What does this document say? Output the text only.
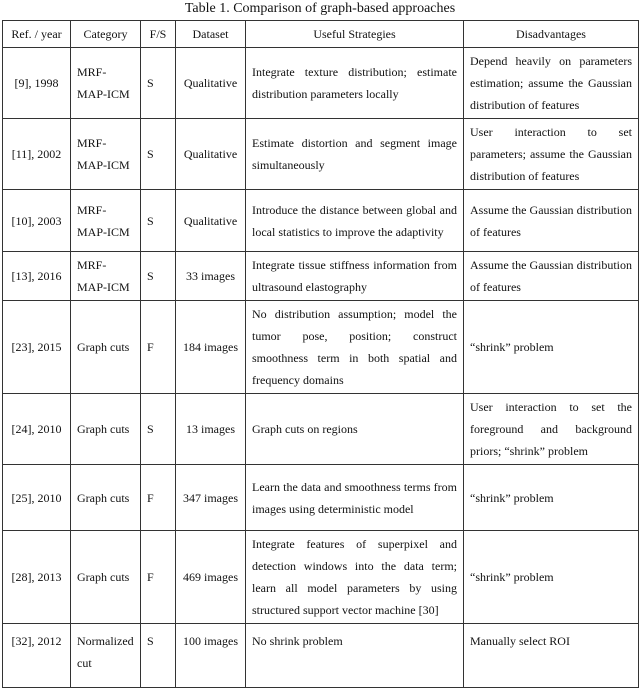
Table 1. Comparison of graph-based approaches
Ref. / year	Category	F/S	Dataset	Useful Strategies	Disadvantages
[9], 1998	MRF-MAP-ICM	S	Qualitative	Integrate texture distribution; estimate distribution parameters locally	Depend heavily on parameters estimation; assume the Gaussian distribution of features
[11], 2002	MRF-MAP-ICM	S	Qualitative	Estimate distortion and segment image simultaneously	User interaction to set parameters; assume the Gaussian distribution of features
[10], 2003	MRF-MAP-ICM	S	Qualitative	Introduce the distance between global and local statistics to improve the adaptivity	Assume the Gaussian distribution of features
[13], 2016	MRF-MAP-ICM	S	33 images	Integrate tissue stiffness information from ultrasound elastography	Assume the Gaussian distribution of features
[23], 2015	Graph cuts	F	184 images	No distribution assumption; model the tumor pose, position; construct smoothness term in both spatial and frequency domains	“shrink” problem
[24], 2010	Graph cuts	S	13 images	Graph cuts on regions	User interaction to set the foreground and background priors; “shrink” problem
[25], 2010	Graph cuts	F	347 images	Learn the data and smoothness terms from images using deterministic model	“shrink” problem
[28], 2013	Graph cuts	F	469 images	Integrate features of superpixel and detection windows into the data term; learn all model parameters by using structured support vector machine [30]	“shrink” problem
[32], 2012	Normalized cut	S	100 images	No shrink problem	Manually select ROI
